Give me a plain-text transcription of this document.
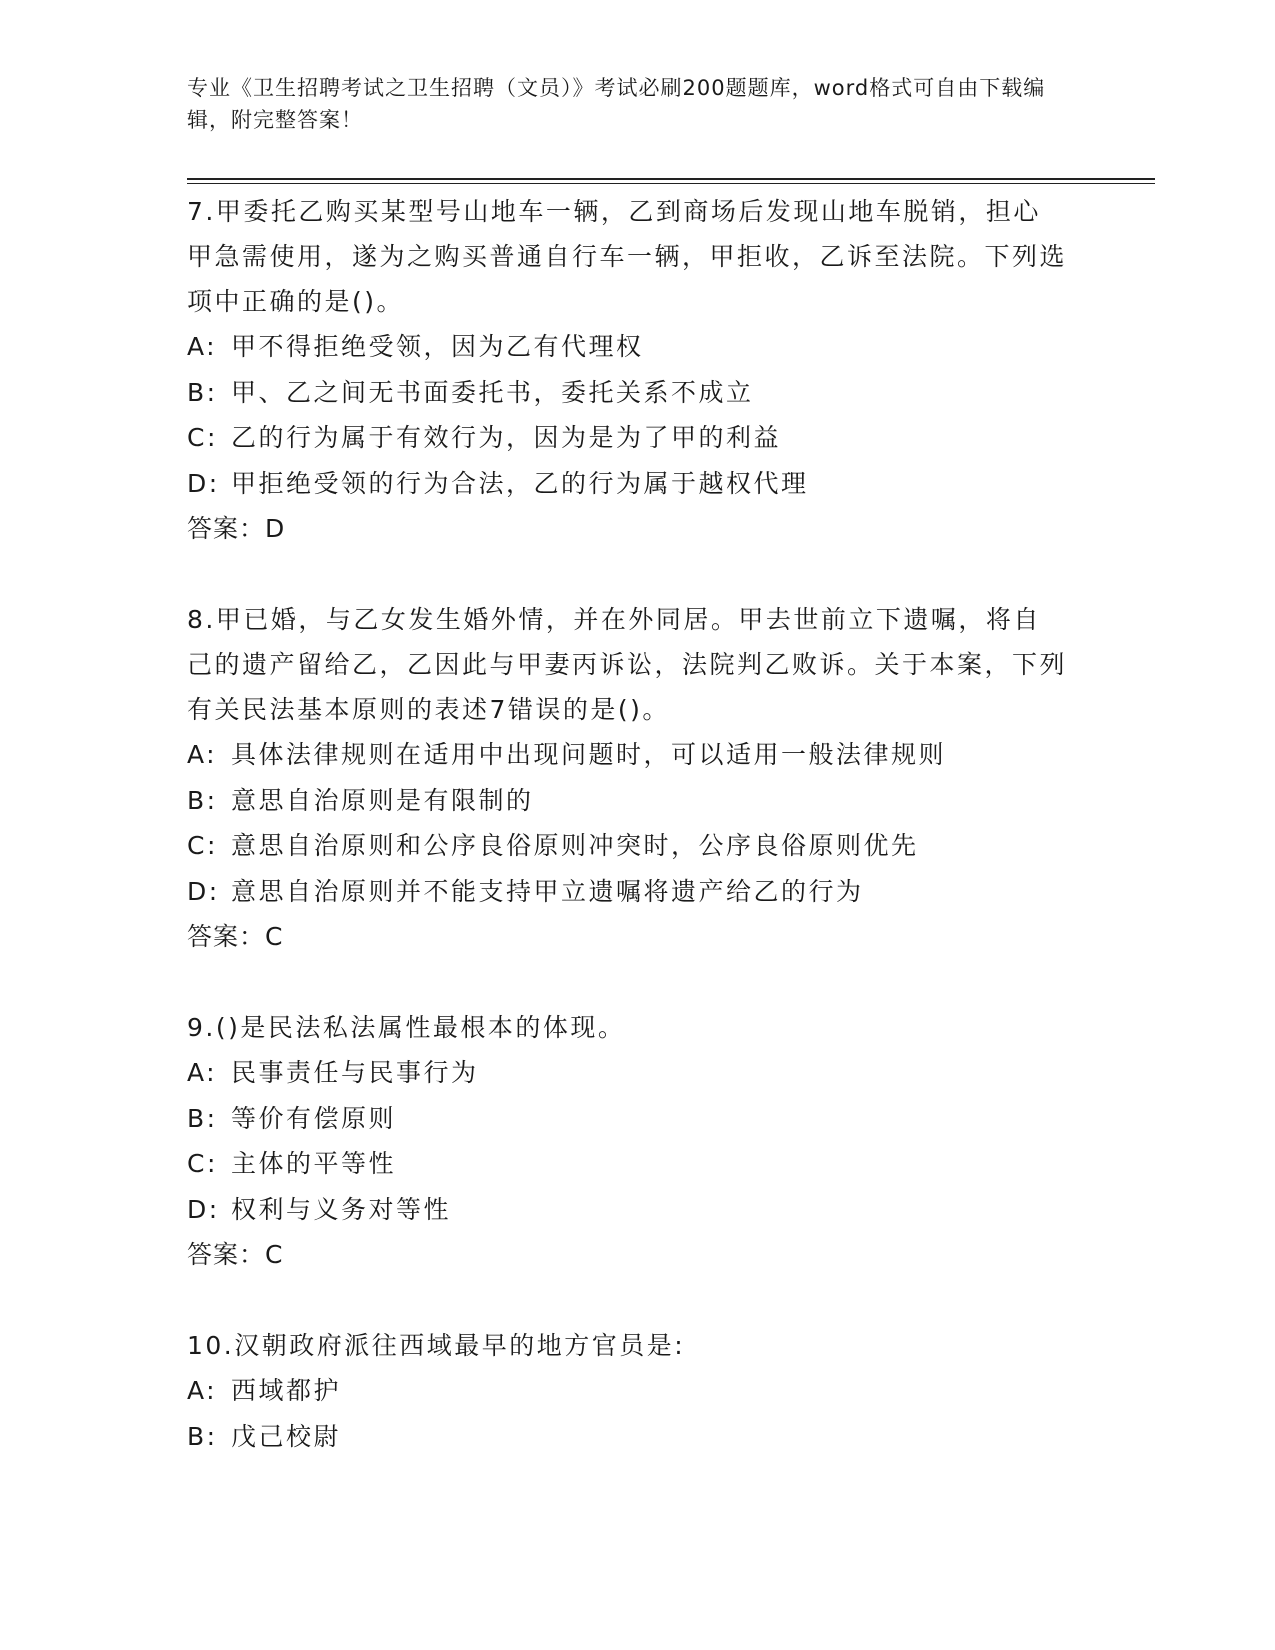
专业《卫生招聘考试之卫生招聘（文员）》考试必刷200题题库，word格式可自由下载编辑，附完整答案！
7.甲委托乙购买某型号山地车一辆，乙到商场后发现山地车脱销，担心甲急需使用，遂为之购买普通自行车一辆，甲拒收，乙诉至法院。下列选项中正确的是()。
A: 甲不得拒绝受领，因为乙有代理权
B: 甲、乙之间无书面委托书，委托关系不成立
C: 乙的行为属于有效行为，因为是为了甲的利益
D: 甲拒绝受领的行为合法，乙的行为属于越权代理
答案：D
8.甲已婚，与乙女发生婚外情，并在外同居。甲去世前立下遗嘱，将自己的遗产留给乙，乙因此与甲妻丙诉讼，法院判乙败诉。关于本案，下列有关民法基本原则的表述7错误的是()。
A: 具体法律规则在适用中出现问题时，可以适用一般法律规则
B: 意思自治原则是有限制的
C: 意思自治原则和公序良俗原则冲突时，公序良俗原则优先
D: 意思自治原则并不能支持甲立遗嘱将遗产给乙的行为
答案：C
9.()是民法私法属性最根本的体现。
A: 民事责任与民事行为
B: 等价有偿原则
C: 主体的平等性
D: 权利与义务对等性
答案：C
10.汉朝政府派往西域最早的地方官员是:
A: 西域都护
B: 戊己校尉
